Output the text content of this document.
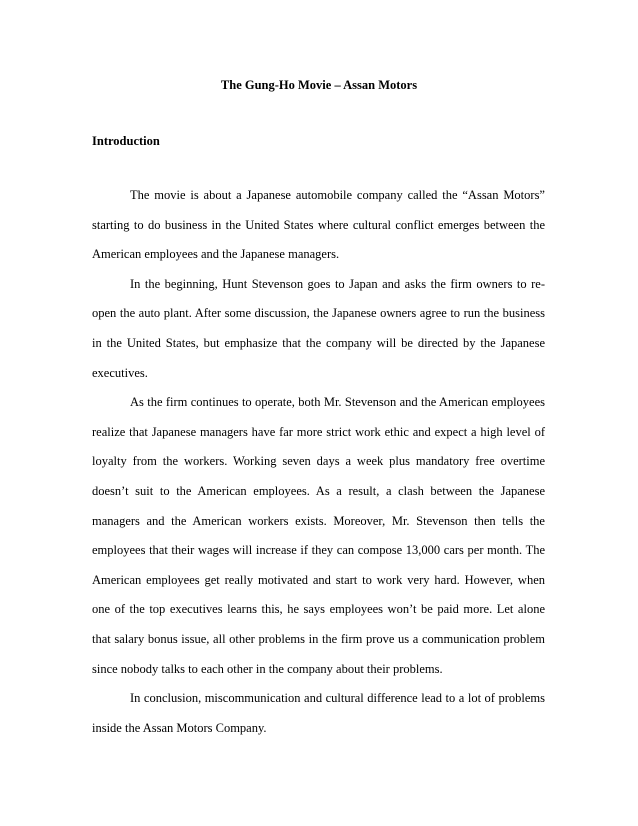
The Gung-Ho Movie – Assan Motors
Introduction

The movie is about a Japanese automobile company called the “Assan Motors” starting to do business in the United States where cultural conflict emerges between the American employees and the Japanese managers.

In the beginning, Hunt Stevenson goes to Japan and asks the firm owners to re-open the auto plant. After some discussion, the Japanese owners agree to run the business in the United States, but emphasize that the company will be directed by the Japanese executives.

As the firm continues to operate, both Mr. Stevenson and the American employees realize that Japanese managers have far more strict work ethic and expect a high level of loyalty from the workers. Working seven days a week plus mandatory free overtime doesn’t suit to the American employees. As a result, a clash between the Japanese managers and the American workers exists. Moreover, Mr. Stevenson then tells the employees that their wages will increase if they can compose 13,000 cars per month. The American employees get really motivated and start to work very hard. However, when one of the top executives learns this, he says employees won’t be paid more. Let alone that salary bonus issue, all other problems in the firm prove us a communication problem since nobody talks to each other in the company about their problems.

In conclusion, miscommunication and cultural difference lead to a lot of problems inside the Assan Motors Company.
